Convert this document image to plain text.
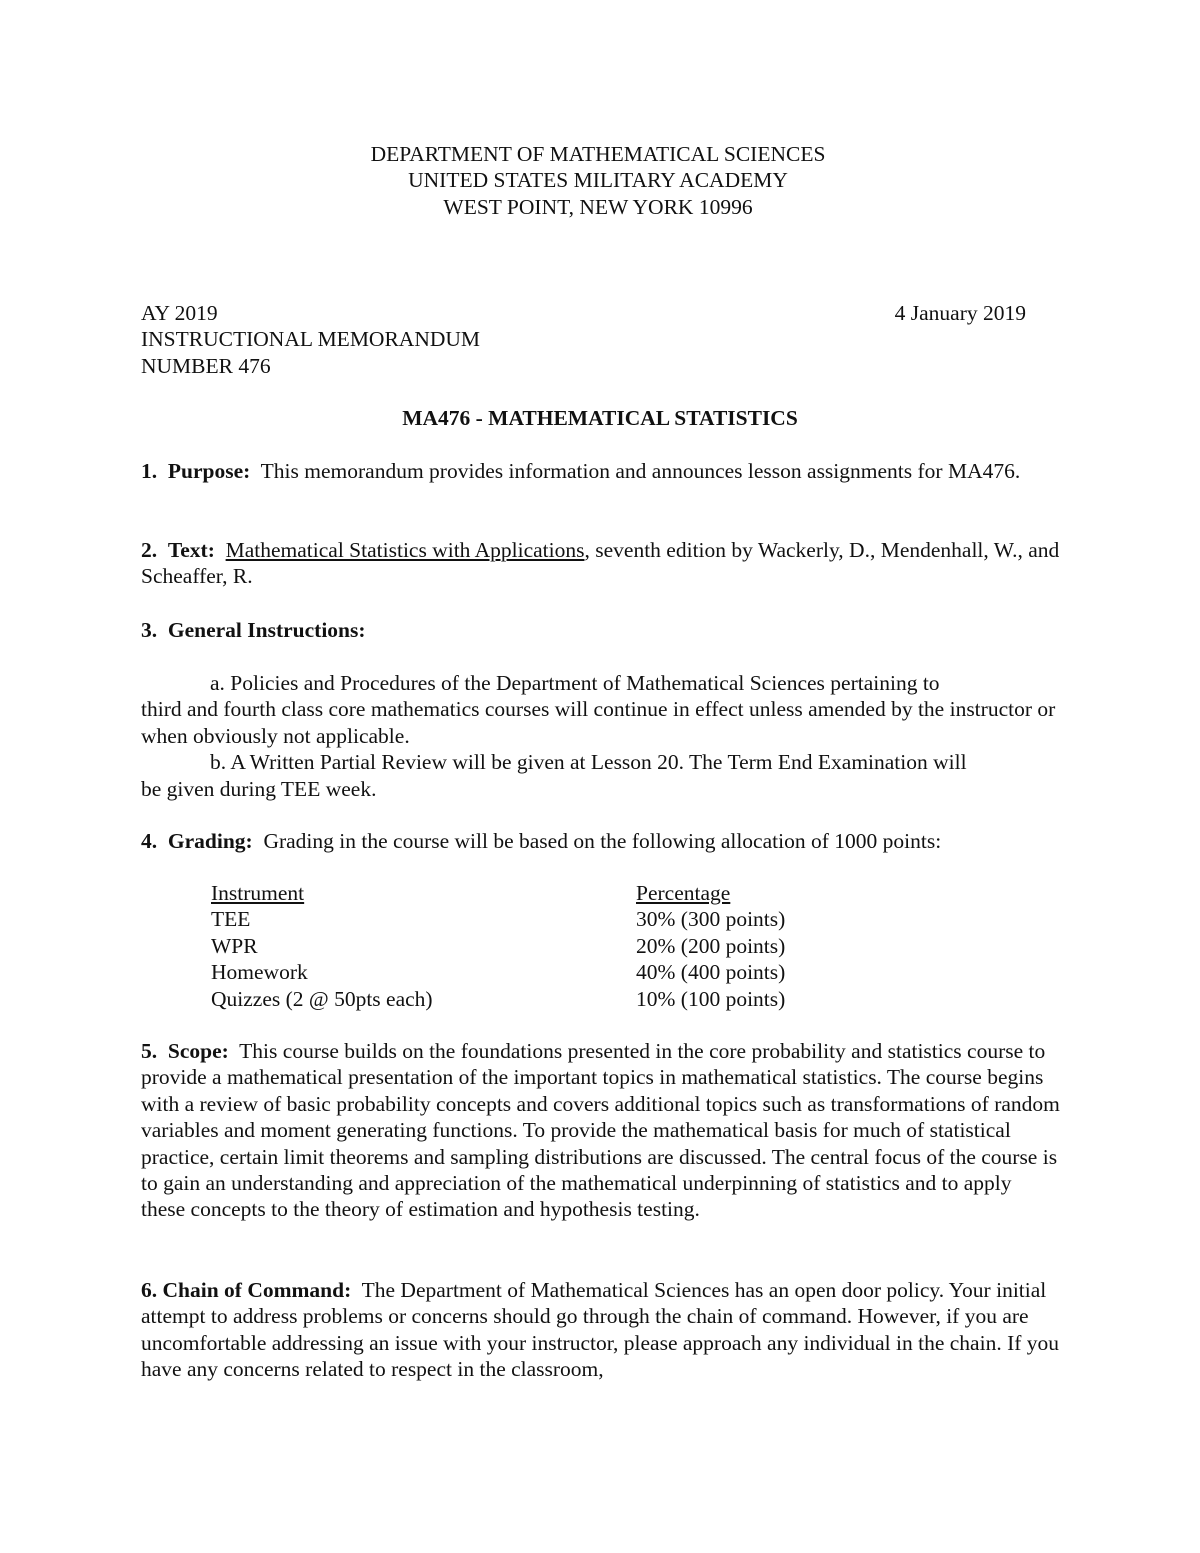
DEPARTMENT OF MATHEMATICAL SCIENCES
UNITED STATES MILITARY ACADEMY
WEST POINT, NEW YORK 10996
AY 2019	4 January 2019
INSTRUCTIONAL MEMORANDUM
NUMBER 476
MA476 - MATHEMATICAL STATISTICS
1. Purpose: This memorandum provides information and announces lesson assignments for MA476.
2. Text: Mathematical Statistics with Applications, seventh edition by Wackerly, D., Mendenhall, W., and Scheaffer, R.
3. General Instructions:
a. Policies and Procedures of the Department of Mathematical Sciences pertaining to
third and fourth class core mathematics courses will continue in effect unless amended by the instructor or when obviously not applicable.
b. A Written Partial Review will be given at Lesson 20. The Term End Examination will
be given during TEE week.
4. Grading: Grading in the course will be based on the following allocation of 1000 points:
Instrument	Percentage
TEE	30% (300 points)
WPR	20% (200 points)
Homework	40% (400 points)
Quizzes (2 @ 50pts each)	10% (100 points)
5. Scope: This course builds on the foundations presented in the core probability and statistics course to provide a mathematical presentation of the important topics in mathematical statistics. The course begins with a review of basic probability concepts and covers additional topics such as transformations of random variables and moment generating functions. To provide the mathematical basis for much of statistical practice, certain limit theorems and sampling distributions are discussed. The central focus of the course is to gain an understanding and appreciation of the mathematical underpinning of statistics and to apply these concepts to the theory of estimation and hypothesis testing.
6. Chain of Command: The Department of Mathematical Sciences has an open door policy. Your initial attempt to address problems or concerns should go through the chain of command. However, if you are uncomfortable addressing an issue with your instructor, please approach any individual in the chain. If you have any concerns related to respect in the classroom,
